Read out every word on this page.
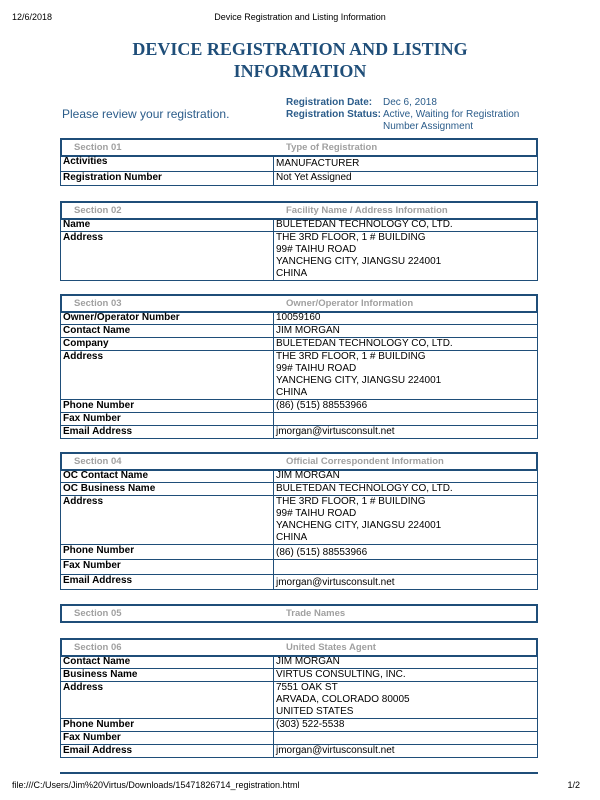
12/6/2018	Device Registration and Listing Information
DEVICE REGISTRATION AND LISTING
INFORMATION
Please review your registration.
Registration Date:	Dec 6, 2018
Registration Status: Active, Waiting for Registration Number Assignment
Section 01	Type of Registration
Activities	MANUFACTURER
Registration Number	Not Yet Assigned
Section 02	Facility Name / Address Information
Name	BULETEDAN TECHNOLOGY CO, LTD.
Address	THE 3RD FLOOR, 1 # BUILDING
99# TAIHU ROAD
YANCHENG CITY, JIANGSU 224001
CHINA
Section 03	Owner/Operator Information
Owner/Operator Number	10059160
Contact Name	JIM MORGAN
Company	BULETEDAN TECHNOLOGY CO, LTD.
Address	THE 3RD FLOOR, 1 # BUILDING
99# TAIHU ROAD
YANCHENG CITY, JIANGSU 224001
CHINA
Phone Number	(86) (515) 88553966
Fax Number	
Email Address	jmorgan@virtusconsult.net
Section 04	Official Correspondent Information
OC Contact Name	JIM MORGAN
OC Business Name	BULETEDAN TECHNOLOGY CO, LTD.
Address	THE 3RD FLOOR, 1 # BUILDING
99# TAIHU ROAD
YANCHENG CITY, JIANGSU 224001
CHINA
Phone Number	(86) (515) 88553966
Fax Number	
Email Address	jmorgan@virtusconsult.net
Section 05	Trade Names
Section 06	United States Agent
Contact Name	JIM MORGAN
Business Name	VIRTUS CONSULTING, INC.
Address	7551 OAK ST
ARVADA, COLORADO 80005
UNITED STATES
Phone Number	(303) 522-5538
Fax Number	
Email Address	jmorgan@virtusconsult.net
file:///C:/Users/Jim%20Virtus/Downloads/15471826714_registration.html	1/2
